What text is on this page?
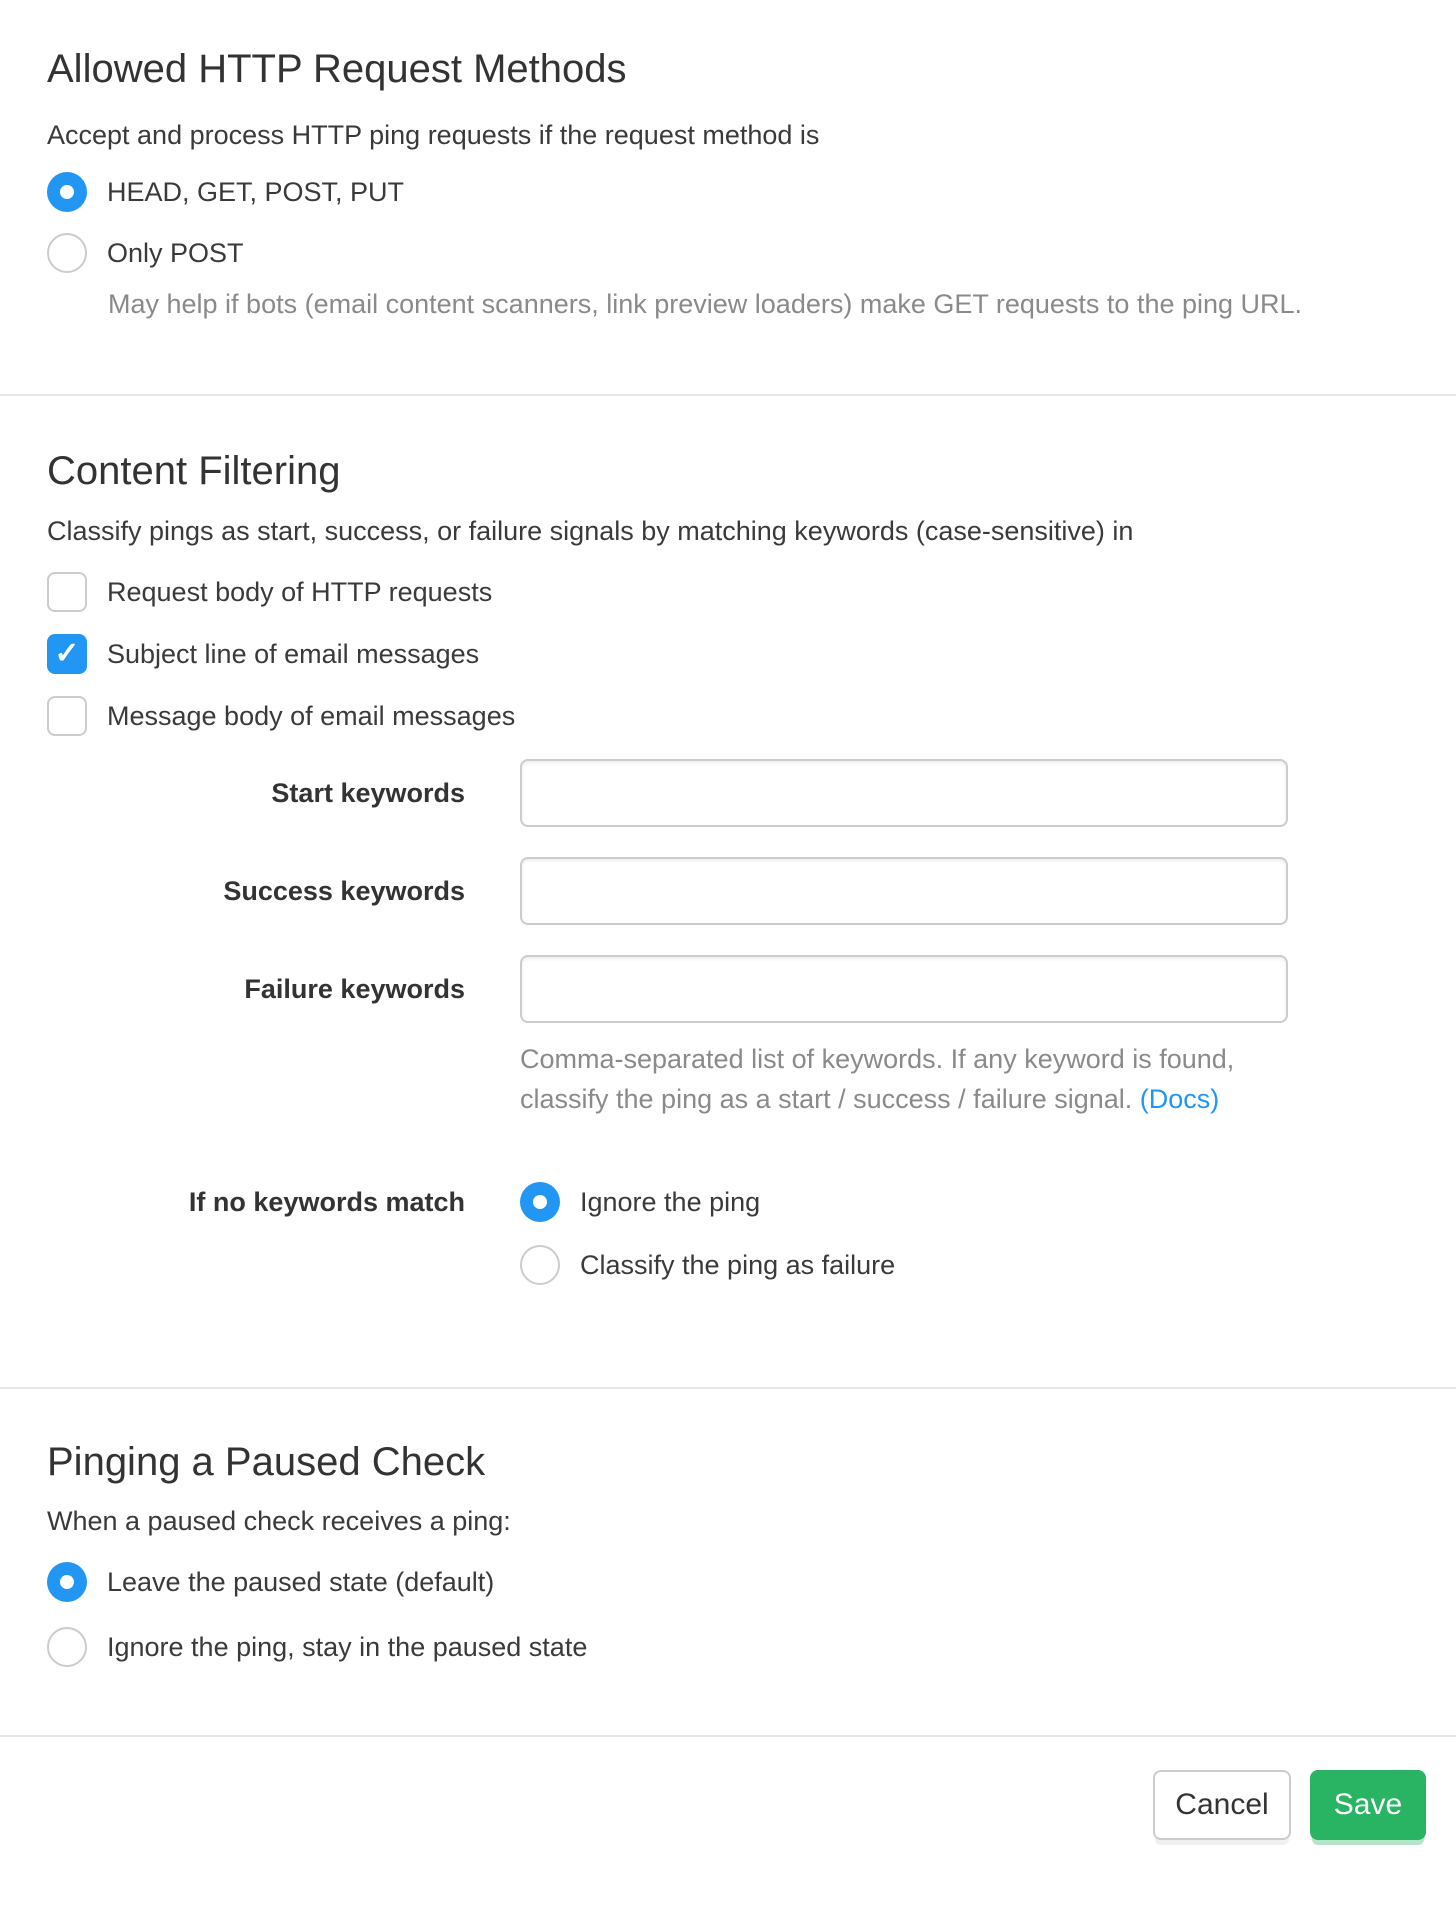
Allowed HTTP Request Methods
Accept and process HTTP ping requests if the request method is
HEAD, GET, POST, PUT
Only POST
May help if bots (email content scanners, link preview loaders) make GET requests to the ping URL.
Content Filtering
Classify pings as start, success, or failure signals by matching keywords (case-sensitive) in
Request body of HTTP requests
✓
Subject line of email messages
Message body of email messages
Start keywords
Success keywords
Failure keywords
Comma-separated list of keywords. If any keyword is found, classify the ping as a start / success / failure signal. (Docs)
If no keywords match	Ignore the ping
Classify the ping as failure
Pinging a Paused Check
When a paused check receives a ping:
Leave the paused state (default)
Ignore the ping, stay in the paused state
Cancel	Save
